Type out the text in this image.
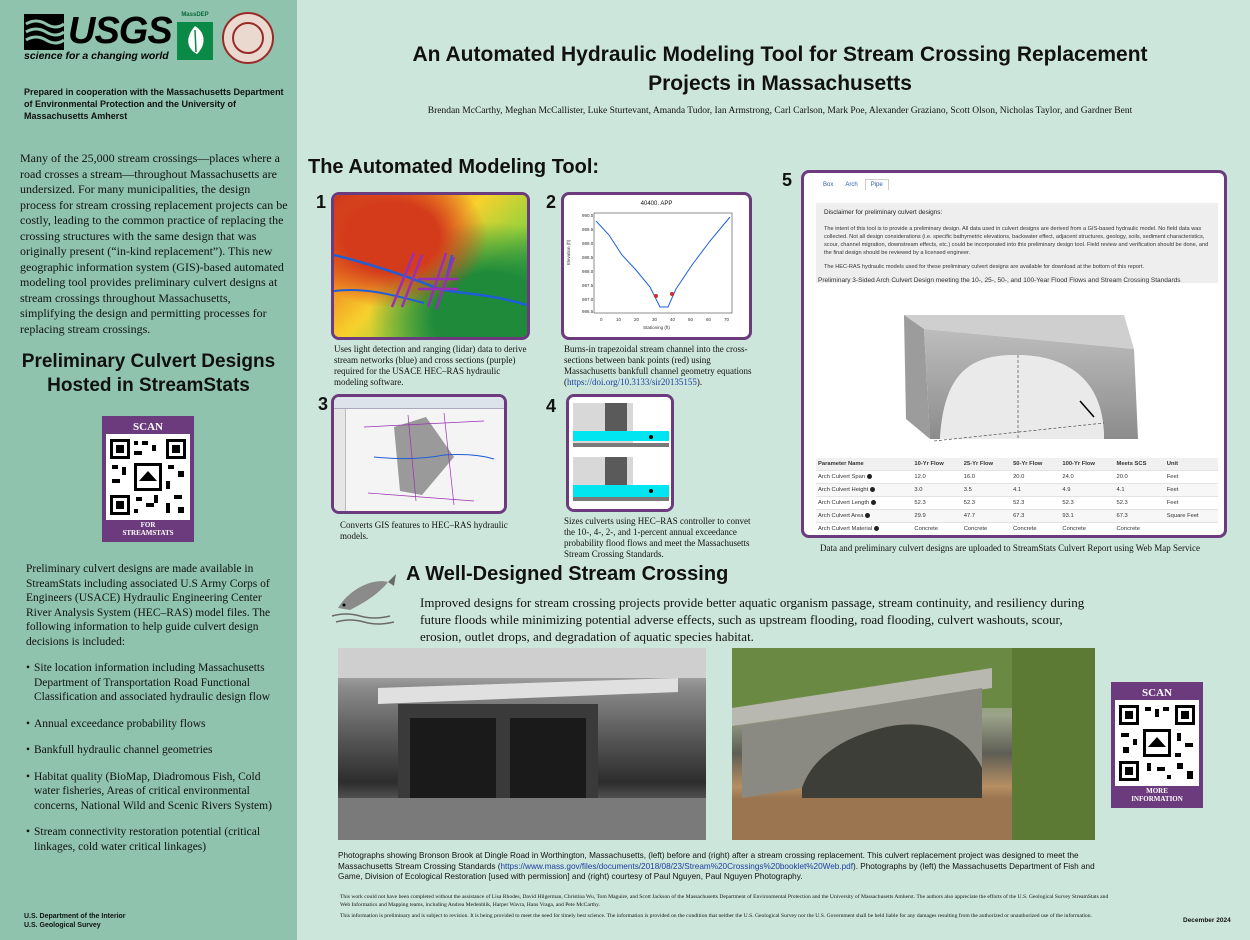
USGS
science for a changing world
MassDEP
Prepared in cooperation with the Massachusetts Department of Environmental Protection and the University of Massachusetts Amherst
Many of the 25,000 stream crossings—places where a road crosses a stream—throughout Massachusetts are undersized. For many municipalities, the design process for stream crossing replacement projects can be costly, leading to the common practice of replacing the crossing structures with the same design that was originally present (“in-kind replacement”). This new geographic information system (GIS)-based automated modeling tool provides preliminary culvert designs at stream crossings throughout Massachusetts, simplifying the design and permitting processes for replacing stream crossings.
Preliminary Culvert Designs
Hosted in StreamStats
SCAN
FOR
STREAMSTATS
Preliminary culvert designs are made available in StreamStats including associated U.S Army Corps of Engineers (USACE) Hydraulic Engineering Center River Analysis System (HEC–RAS) model files. The following information to help guide culvert design decisions is included:
• Site location information including Massachusetts Department of Transportation Road Functional Classification and associated hydraulic design flow
• Annual exceedance probability flows
• Bankfull hydraulic channel geometries
• Habitat quality (BioMap, Diadromous Fish, Cold water fisheries, Areas of critical environmental concerns, National Wild and Scenic Rivers System)
• Stream connectivity restoration potential (critical linkages, cold water critical linkages)
U.S. Department of the Interior
U.S. Geological Survey
An Automated Hydraulic Modeling Tool for Stream Crossing Replacement
Projects in Massachusetts
Brendan McCarthy, Meghan McCallister, Luke Sturtevant, Amanda Tudor, Ian Armstrong, Carl Carlson, Mark Poe, Alexander Graziano, Scott Olson, Nicholas Taylor, and Gardner Bent
The Automated Modeling Tool:
1
Uses light detection and ranging (lidar) data to derive stream networks (blue) and cross sections (purple) required for the USACE HEC–RAS hydraulic modeling software.
2	40400. APP
0	10	20	30	40	50	60	70
990.0
989.5
989.0
988.5
988.0
987.5
987.0
986.5
Stationing (ft)
Elevation (ft)
Burns-in trapezoidal stream channel into the cross-sections between bank points (red) using Massachusetts bankfull channel geometry equations (https://doi.org/10.3133/sir20135155).
3
Converts GIS features to HEC–RAS hydraulic models.
4
Sizes culverts using HEC–RAS controller to convet the 10-, 4-, 2-, and 1-percent annual exceedance probability flood flows and meet the Massachusetts Stream Crossing Standards.
5	Box Arch Pipe
Disclaimer for preliminary culvert designs:

The intent of this tool is to provide a preliminary design. All data used in culvert designs are derived from a GIS-based hydraulic model. No field data was collected. Not all design considerations (i.e. specific bathymetric elevations, backwater effect, adjacent structures, geology, soils, sediment characteristics, scour, channel migration, downstream effects, etc.) could be incorporated into this preliminary design tool. Field review and verification should be done, and the final design should be reviewed by a licensed engineer.

The HEC-RAS hydraulic models used for these preliminary culvert designs are available for download at the bottom of this report.

Preliminary 3-Sided Arch Culvert Design meeting the 10-, 25-, 50-, and 100-Year Flood Flows and Stream Crossing Standards
Parameter Name	10-Yr Flow	25-Yr Flow	50-Yr Flow	100-Yr Flow	Meets SCS	Unit
Arch Culvert Span	12.0	16.0	20.0	24.0	20.0	Feet
Arch Culvert Height	3.0	3.5	4.1	4.9	4.1	Feet
Arch Culvert Length	52.3	52.3	52.3	52.3	52.3	Feet
Arch Culvert Area	29.9	47.7	67.3	93.1	67.3	Square Feet
Arch Culvert Material	Concrete	Concrete	Concrete	Concrete	Concrete	
Data and preliminary culvert designs are uploaded to StreamStats Culvert Report using Web Map Service
A Well-Designed Stream Crossing
Improved designs for stream crossing projects provide better aquatic organism passage, stream continuity, and resiliency during future floods while minimizing potential adverse effects, such as upstream flooding, road flooding, culvert washouts, scour, erosion, outlet drops, and degradation of aquatic species habitat.
SCAN
MORE
INFORMATION
Photographs showing Bronson Brook at Dingle Road in Worthington, Massachusetts, (left) before and (right) after a stream crossing replacement. This culvert replacement project was designed to meet the Massachusetts Stream Crossing Standards (https://www.mass.gov/files/documents/2018/08/23/Stream%20Crossings%20booklet%20Web.pdf). Photographs by (left) the Massachusetts Department of Fish and Game, Division of Ecological Restoration [used with permission] and (right) courtesy of Paul Nguyen, Paul Nguyen Photography.

This work could not have been completed without the assistance of Lisa Rhodes, David Hilgerman, Christina Wu, Tom Maguire, and Scott Jackson of the Massachusetts Department of Environmental Protection and the University of Massachusetts Amherst. The authors also appreciate the efforts of the U.S. Geological Survey StreamStats and Web Informatics and Mapping teams, including Andrea Medenblik, Harper Wavra, Hans Vraga, and Pete McCarthy.

This information is preliminary and is subject to revision. It is being provided to meet the need for timely best science. The information is provided on the condition that neither the U.S. Geological Survey nor the U.S. Government shall be held liable for any damages resulting from the authorized or unauthorized use of the information.

December 2024
